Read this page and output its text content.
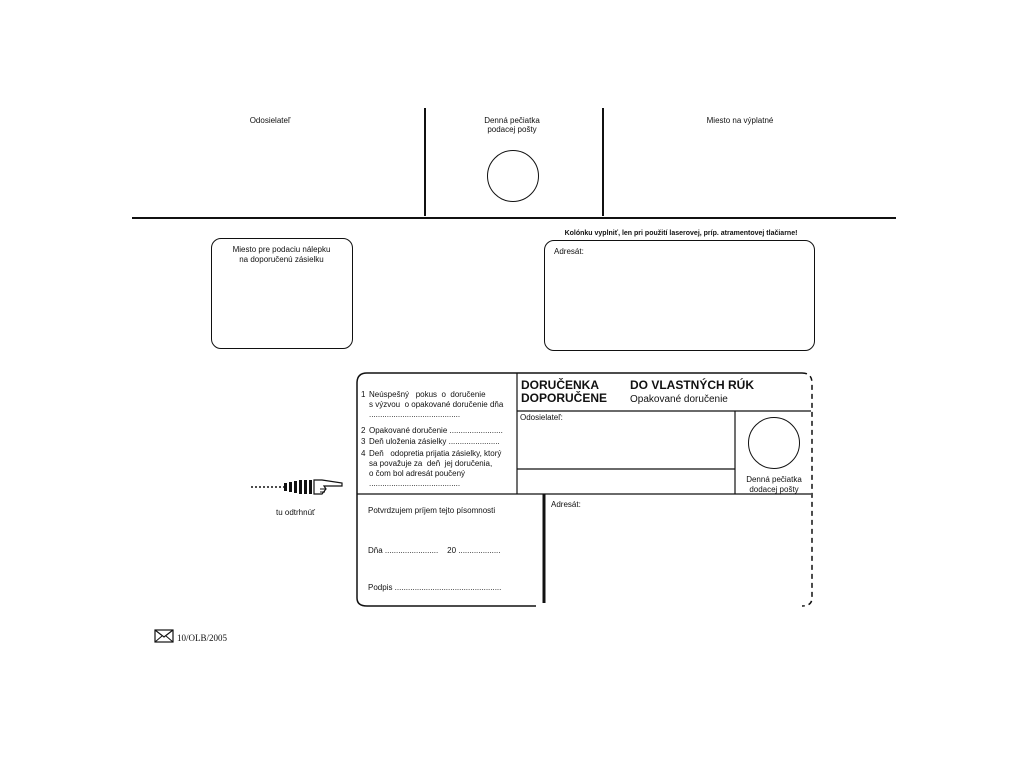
Odosielateľ	Denná pečiatka
podacej pošty
Miesto na výplatné
Miesto pre podaciu nálepku
na doporučenú zásielku
Kolónku vyplniť, len pri použití laserovej, príp. atramentovej tlačiarne!
Adresát:
1 Neúspešný   pokus  o  doručenie
s výzvou  o opakované doručenie dňa
.........................................
2 Opakované doručenie ........................
3 Deň uloženia zásielky .......................
4 Deň   odopretia prijatia zásielky, ktorý
sa považuje za  deň  jej doručenia,
o čom bol adresát poučený
.........................................
DORUČENKA
DOPORUČENE
DO VLASTNÝCH RÚK
Opakované doručenie
Odosielateľ:
Denná pečiatka
dodacej pošty
Potvrdzujem príjem tejto písomnosti
Dňa ........................    20 ...................
Podpis ................................................
Adresát:
tu odtrhnúť
10/OLB/2005
